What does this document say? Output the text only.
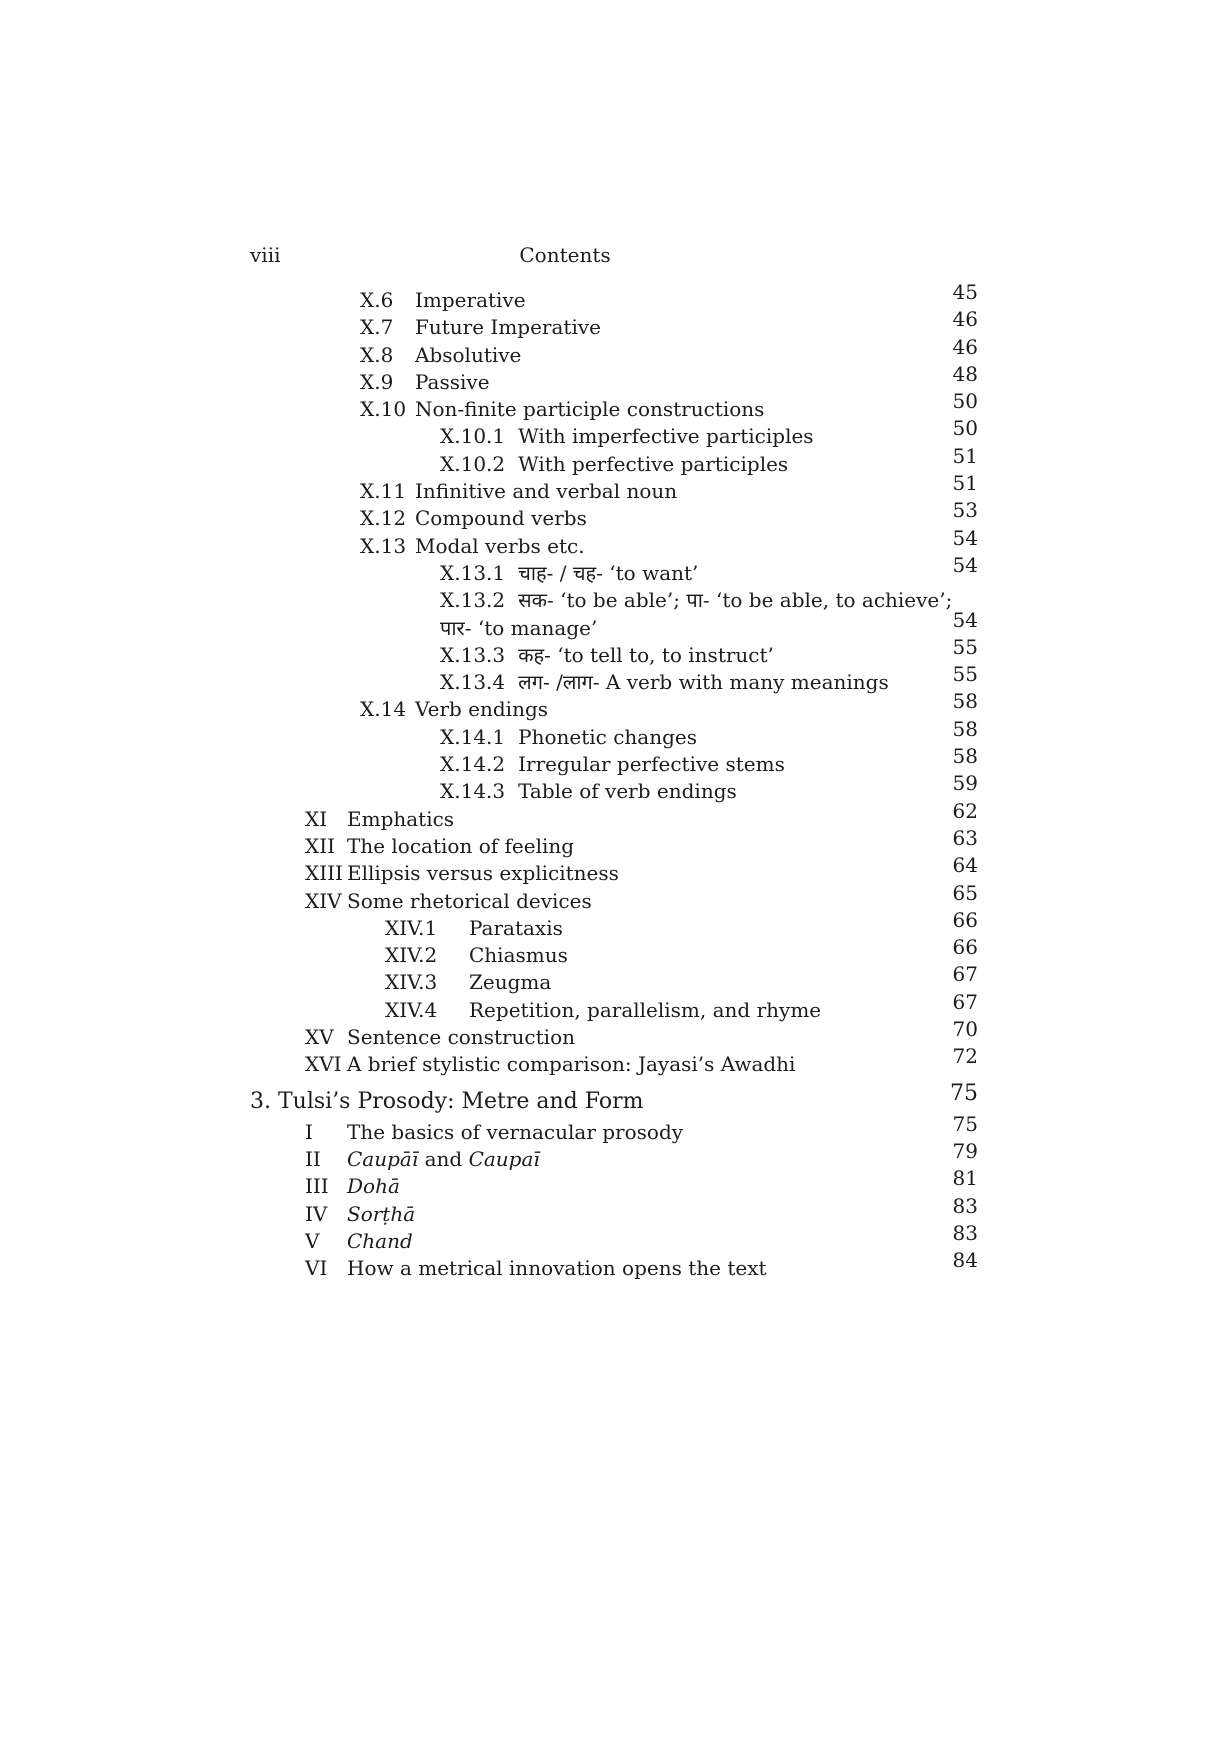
viii	Contents
X.6	Imperative	45
X.7	Future Imperative	46
X.8	Absolutive	46
X.9	Passive	48
X.10 Non-finite participle constructions	50
X.10.1 With imperfective participles	50
X.10.2 With perfective participles	51
X.11 Infinitive and verbal noun	51
X.12 Compound verbs	53
X.13 Modal verbs etc.	54
X.13.1 चाह- / चह- ‘to want’	54
X.13.2 सक- ‘to be able’; पा- ‘to be able, to achieve’;
पार- ‘to manage’	54
X.13.3 कह- ‘to tell to, to instruct’	55
X.13.4 लग- /लाग- A verb with many meanings	55
X.14 Verb endings	58
X.14.1 Phonetic changes	58
X.14.2 Irregular perfective stems	58
X.14.3 Table of verb endings	59
XI Emphatics	62
XII The location of feeling	63
XIII Ellipsis versus explicitness	64
XIV Some rhetorical devices	65
XIV.1	Parataxis	66
XIV.2	Chiasmus	66
XIV.3	Zeugma	67
XIV.4	Repetition, parallelism, and rhyme	67
XV Sentence construction	70
XVI A brief stylistic comparison: Jayasi’s Awadhi	72
3. Tulsi’s Prosody: Metre and Form	75
I	The basics of vernacular prosody	75
II	Caupāī and Caupaī	79
III Dohā	81
IV Sorṭhā	83
V	Chand	83
VI How a metrical innovation opens the text	84
